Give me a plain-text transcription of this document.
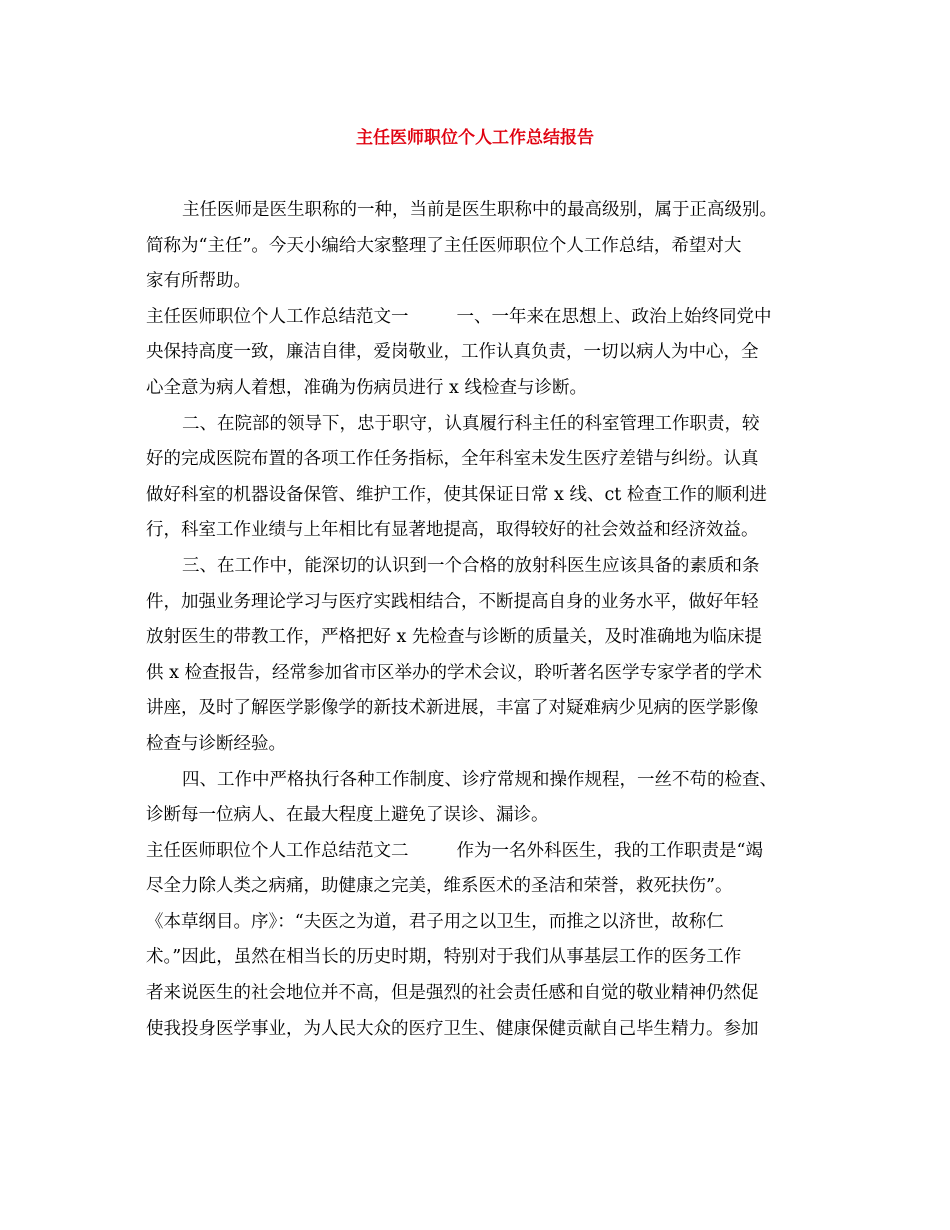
主任医师职位个人工作总结报告
主任医师是医生职称的一种，当前是医生职称中的最高级别，属于正高级别。
简称为“主任”。今天小编给大家整理了主任医师职位个人工作总结，希望对大
家有所帮助。
主任医师职位个人工作总结范文一	一、一年来在思想上、政治上始终同党中
央保持高度一致，廉洁自律，爱岗敬业，工作认真负责，一切以病人为中心，全
心全意为病人着想，准确为伤病员进行 x 线检查与诊断。
二、在院部的领导下，忠于职守，认真履行科主任的科室管理工作职责，较
好的完成医院布置的各项工作任务指标，全年科室未发生医疗差错与纠纷。认真
做好科室的机器设备保管、维护工作，使其保证日常 x 线、ct 检查工作的顺利进
行，科室工作业绩与上年相比有显著地提高，取得较好的社会效益和经济效益。
三、在工作中，能深切的认识到一个合格的放射科医生应该具备的素质和条
件，加强业务理论学习与医疗实践相结合，不断提高自身的业务水平，做好年轻
放射医生的带教工作，严格把好 x 先检查与诊断的质量关，及时准确地为临床提
供 x 检查报告，经常参加省市区举办的学术会议，聆听著名医学专家学者的学术
讲座，及时了解医学影像学的新技术新进展，丰富了对疑难病少见病的医学影像
检查与诊断经验。
四、工作中严格执行各种工作制度、诊疗常规和操作规程，一丝不苟的检查、
诊断每一位病人、在最大程度上避免了误诊、漏诊。
主任医师职位个人工作总结范文二	作为一名外科医生，我的工作职责是“竭
尽全力除人类之病痛，助健康之完美，维系医术的圣洁和荣誉，救死扶伤”。
《本草纲目。序》：“夫医之为道，君子用之以卫生，而推之以济世，故称仁
术。”因此，虽然在相当长的历史时期，特别对于我们从事基层工作的医务工作
者来说医生的社会地位并不高，但是强烈的社会责任感和自觉的敬业精神仍然促
使我投身医学事业，为人民大众的医疗卫生、健康保健贡献自己毕生精力。参加
